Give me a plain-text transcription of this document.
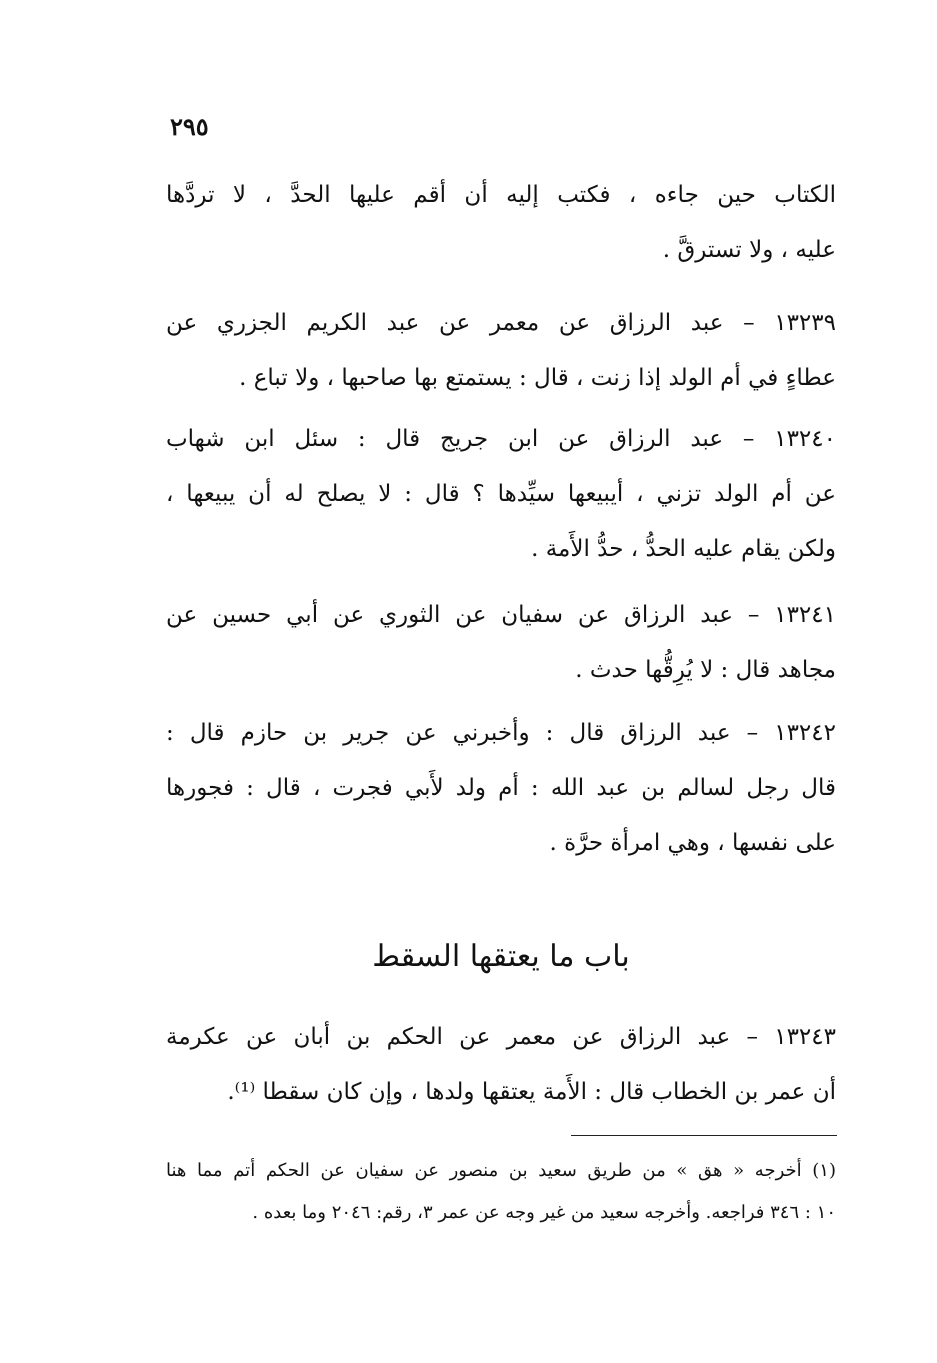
٢٩٥
الكتاب حين جاءه ، فكتب إليه أن أقم عليها الحدَّ ، لا تردَّها
عليه ، ولا تسترقَّ .
١٣٢٣٩ – عبد الرزاق عن معمر عن عبد الكريم الجزري عن
عطاءٍ في أم الولد إذا زنت ، قال : يستمتع بها صاحبها ، ولا تباع .
١٣٢٤٠ – عبد الرزاق عن ابن جريج قال : سئل ابن شهاب
عن أم الولد تزني ، أيبيعها سيِّدها ؟ قال : لا يصلح له أن يبيعها ،
ولكن يقام عليه الحدُّ ، حدُّ الأَمة .
١٣٢٤١ – عبد الرزاق عن سفيان عن الثوري عن أبي حسين عن
مجاهد قال : لا يُرِقُّها حدث .
١٣٢٤٢ – عبد الرزاق قال : وأخبرني عن جرير بن حازم قال :
قال رجل لسالم بن عبد الله : أم ولد لأَبي فجرت ، قال : فجورها
على نفسها ، وهي امرأة حرَّة .
باب ما يعتقها السقط
١٣٢٤٣ – عبد الرزاق عن معمر عن الحكم بن أبان عن عكرمة
أن عمر بن الخطاب قال : الأَمة يعتقها ولدها ، وإن كان سقطا ⁽¹⁾.
(١) أخرجه « هق » من طريق سعيد بن منصور عن سفيان عن الحكم أتم مما هنا
١٠ : ٣٤٦ فراجعه. وأخرجه سعيد من غير وجه عن عمر ٣، رقم: ٢٠٤٦ وما بعده .
